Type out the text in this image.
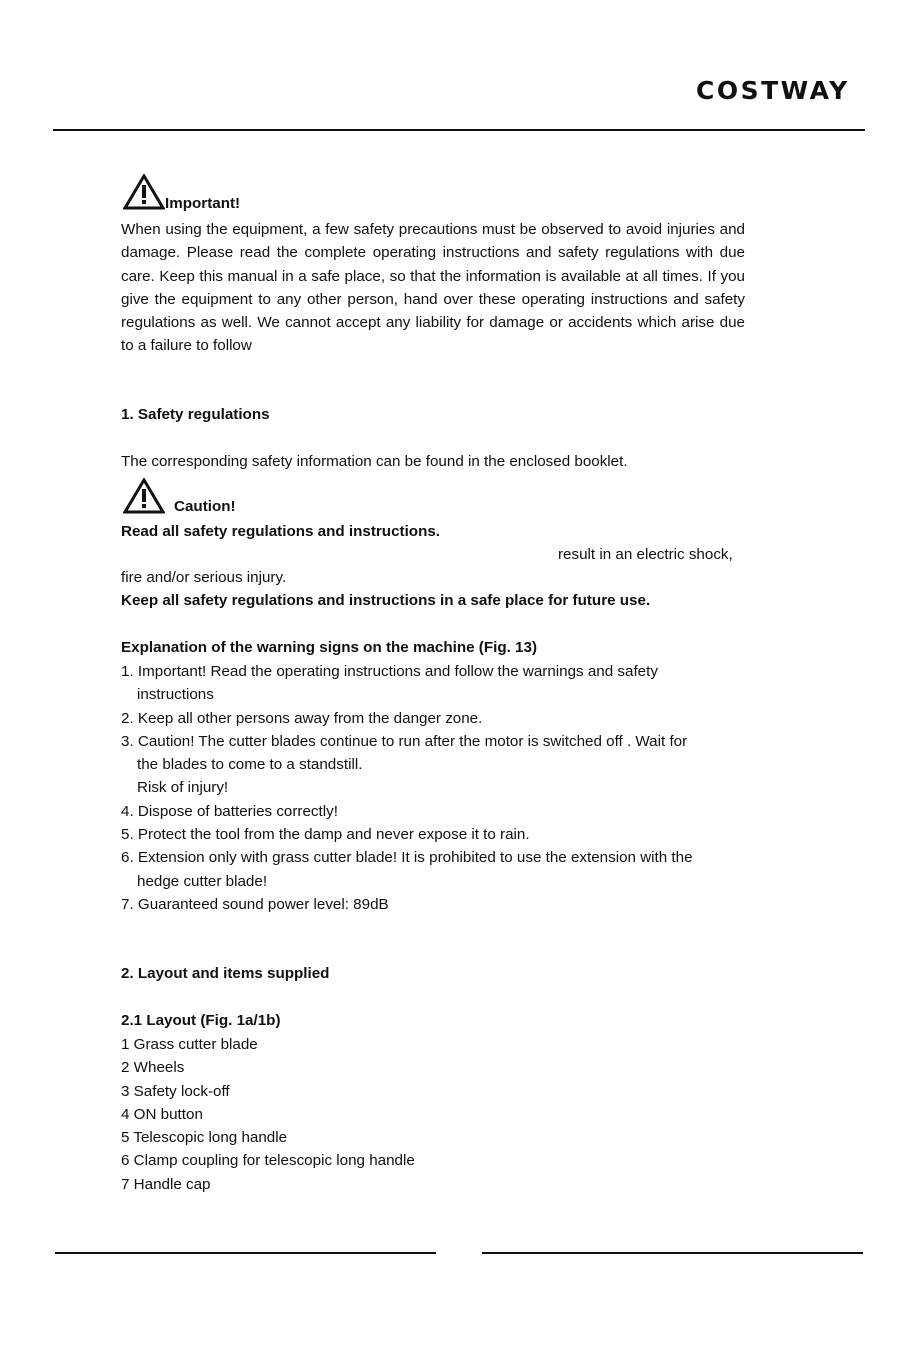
COSTWAY
Important!
When using the equipment, a few safety precautions must be observed to avoid injuries and damage. Please read the complete operating instructions and safety regulations with due care. Keep this manual in a safe place, so that the information is available at all times. If you give the equipment to any other person, hand over these operating instructions and safety regulations as well. We cannot accept any liability for damage or accidents which arise due to a failure to follow
1. Safety regulations
The corresponding safety information can be found in the enclosed booklet.
Caution!
Read all safety regulations and instructions.
result in an electric shock,
fire and/or serious injury.
Keep all safety regulations and instructions in a safe place for future use.
Explanation of the warning signs on the machine (Fig. 13)
1. Important! Read the operating instructions and follow the warnings and safety
instructions
2. Keep all other persons away from the danger zone.
3. Caution! The cutter blades continue to run after the motor is switched off . Wait for
the blades to come to a standstill.
Risk of injury!
4. Dispose of batteries correctly!
5. Protect the tool from the damp and never expose it to rain.
6. Extension only with grass cutter blade! It is prohibited to use the extension with the
hedge cutter blade!
7. Guaranteed sound power level: 89dB
2. Layout and items supplied
2.1 Layout (Fig. 1a/1b)
1 Grass cutter blade
2 Wheels
3 Safety lock-off
4 ON button
5 Telescopic long handle
6 Clamp coupling for telescopic long handle
7 Handle cap
